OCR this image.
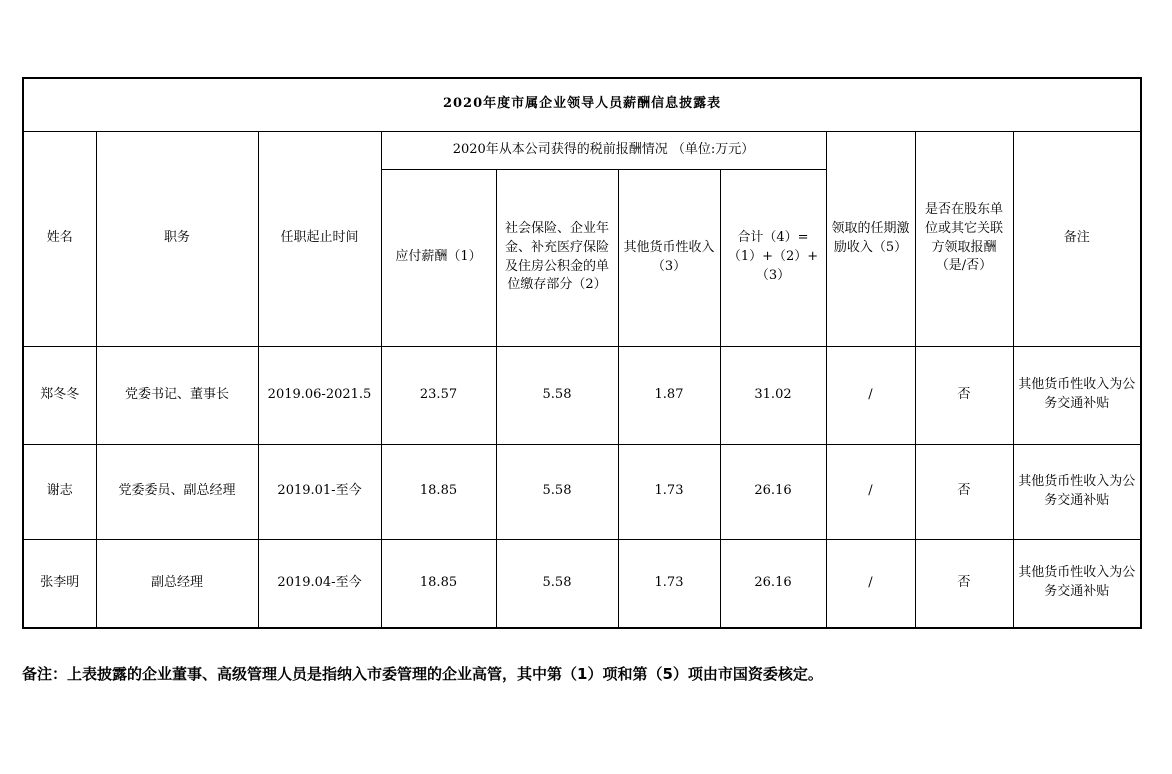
2020年度市属企业领导人员薪酬信息披露表									
姓名	职务	任职起止时间	2020年从本公司获得的税前报酬情况 （单位:万元）				领取的任期激励收入（5）	是否在股东单位或其它关联方领取报酬（是/否）	备注
			应付薪酬（1）	社会保险、企业年金、补充医疗保险及住房公积金的单位缴存部分（2）	其他货币性收入（3）	合计（4）=（1）+（2）+（3）			
郑冬冬	党委书记、董事长	2019.06-2021.5	23.57	5.58	1.87	31.02	/	否	其他货币性收入为公务交通补贴
谢志	党委委员、副总经理	2019.01-至今	18.85	5.58	1.73	26.16	/	否	其他货币性收入为公务交通补贴
张李明	副总经理	2019.04-至今	18.85	5.58	1.73	26.16	/	否	其他货币性收入为公务交通补贴
备注：上表披露的企业董事、高级管理人员是指纳入市委管理的企业高管，其中第（1）项和第（5）项由市国资委核定。
